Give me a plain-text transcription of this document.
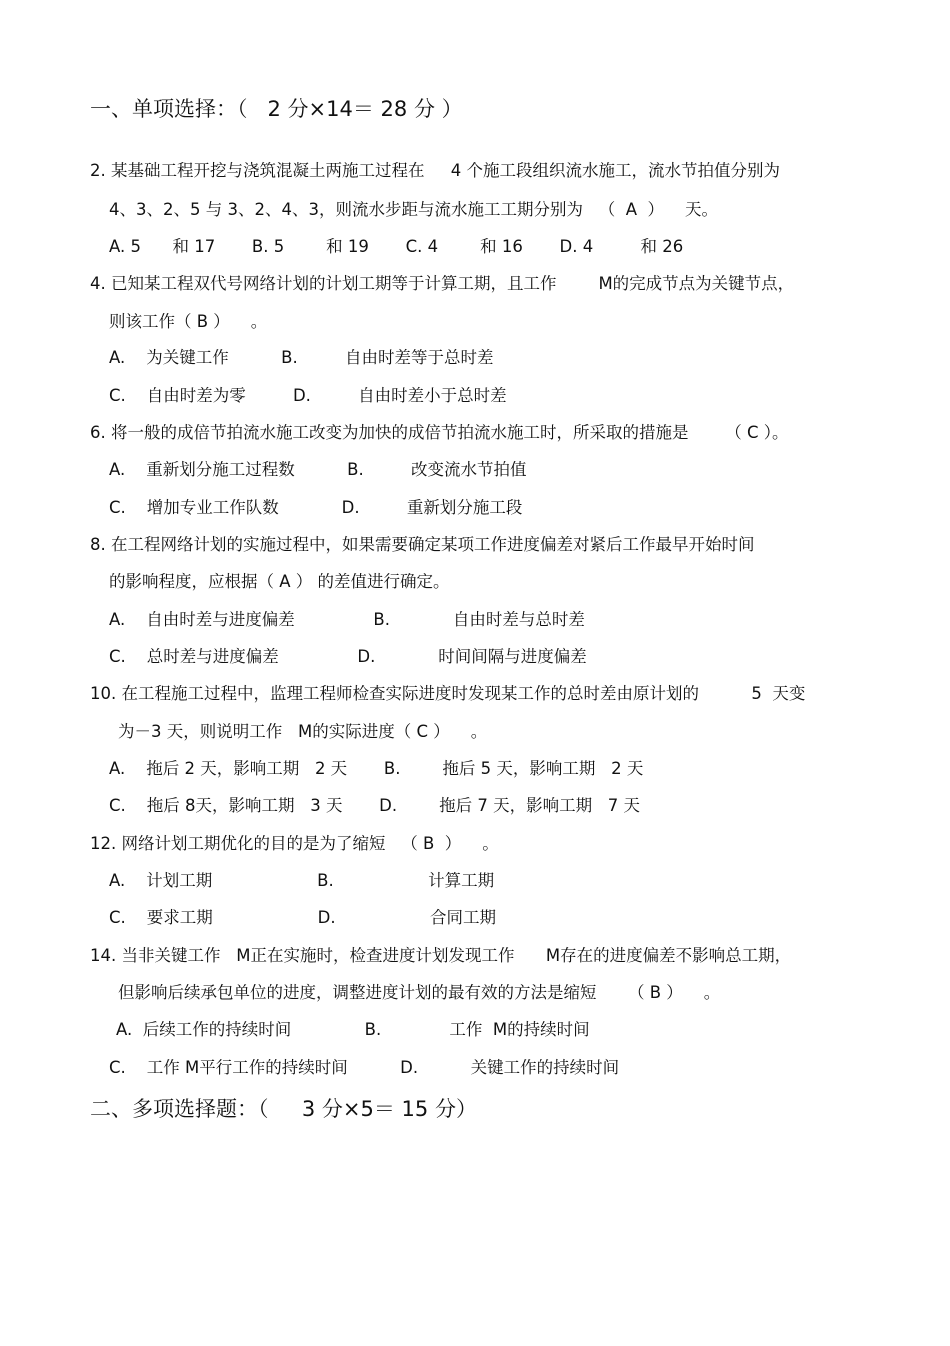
一、单项选择：（   2 分×14＝ 28 分 ）
2. 某基础工程开挖与浇筑混凝土两施工过程在     4 个施工段组织流水施工，流水节拍值分别为
4、3、2、5 与 3、2、4、3，则流水步距与流水施工工期分别为   （  A  ）    天。
A. 5      和 17       B. 5        和 19       C. 4        和 16       D. 4         和 26
4. 已知某工程双代号网络计划的计划工期等于计算工期，且工作        M的完成节点为关键节点，
则该工作（ B ）    。
A.    为关键工作          B.         自由时差等于总时差
C.    自由时差为零         D.         自由时差小于总时差
6. 将一般的成倍节拍流水施工改变为加快的成倍节拍流水施工时，所采取的措施是       （ C ）。
A.    重新划分施工过程数          B.         改变流水节拍值
C.    增加专业工作队数            D.         重新划分施工段
8. 在工程网络计划的实施过程中，如果需要确定某项工作进度偏差对紧后工作最早开始时间
的影响程度，应根据（ A ） 的差值进行确定。
A.    自由时差与进度偏差               B.            自由时差与总时差
C.    总时差与进度偏差               D.            时间间隔与进度偏差
10. 在工程施工过程中，监理工程师检查实际进度时发现某工作的总时差由原计划的          5  天变
为－3 天，则说明工作   M的实际进度（ C ）    。
A.    拖后 2 天，影响工期   2 天       B.        拖后 5 天，影响工期   2 天
C.    拖后 8天，影响工期   3 天       D.        拖后 7 天，影响工期   7 天
12. 网络计划工期优化的目的是为了缩短   （ B  ）    。
A.    计划工期                    B.                  计算工期
C.    要求工期                    D.                  合同工期
14. 当非关键工作   M正在实施时，检查进度计划发现工作      M存在的进度偏差不影响总工期，
但影响后续承包单位的进度，调整进度计划的最有效的方法是缩短      （ B ）    。
A.  后续工作的持续时间              B.             工作  M的持续时间
C.    工作 M平行工作的持续时间          D.          关键工作的持续时间
二、多项选择题：（     3 分×5＝ 15 分）
